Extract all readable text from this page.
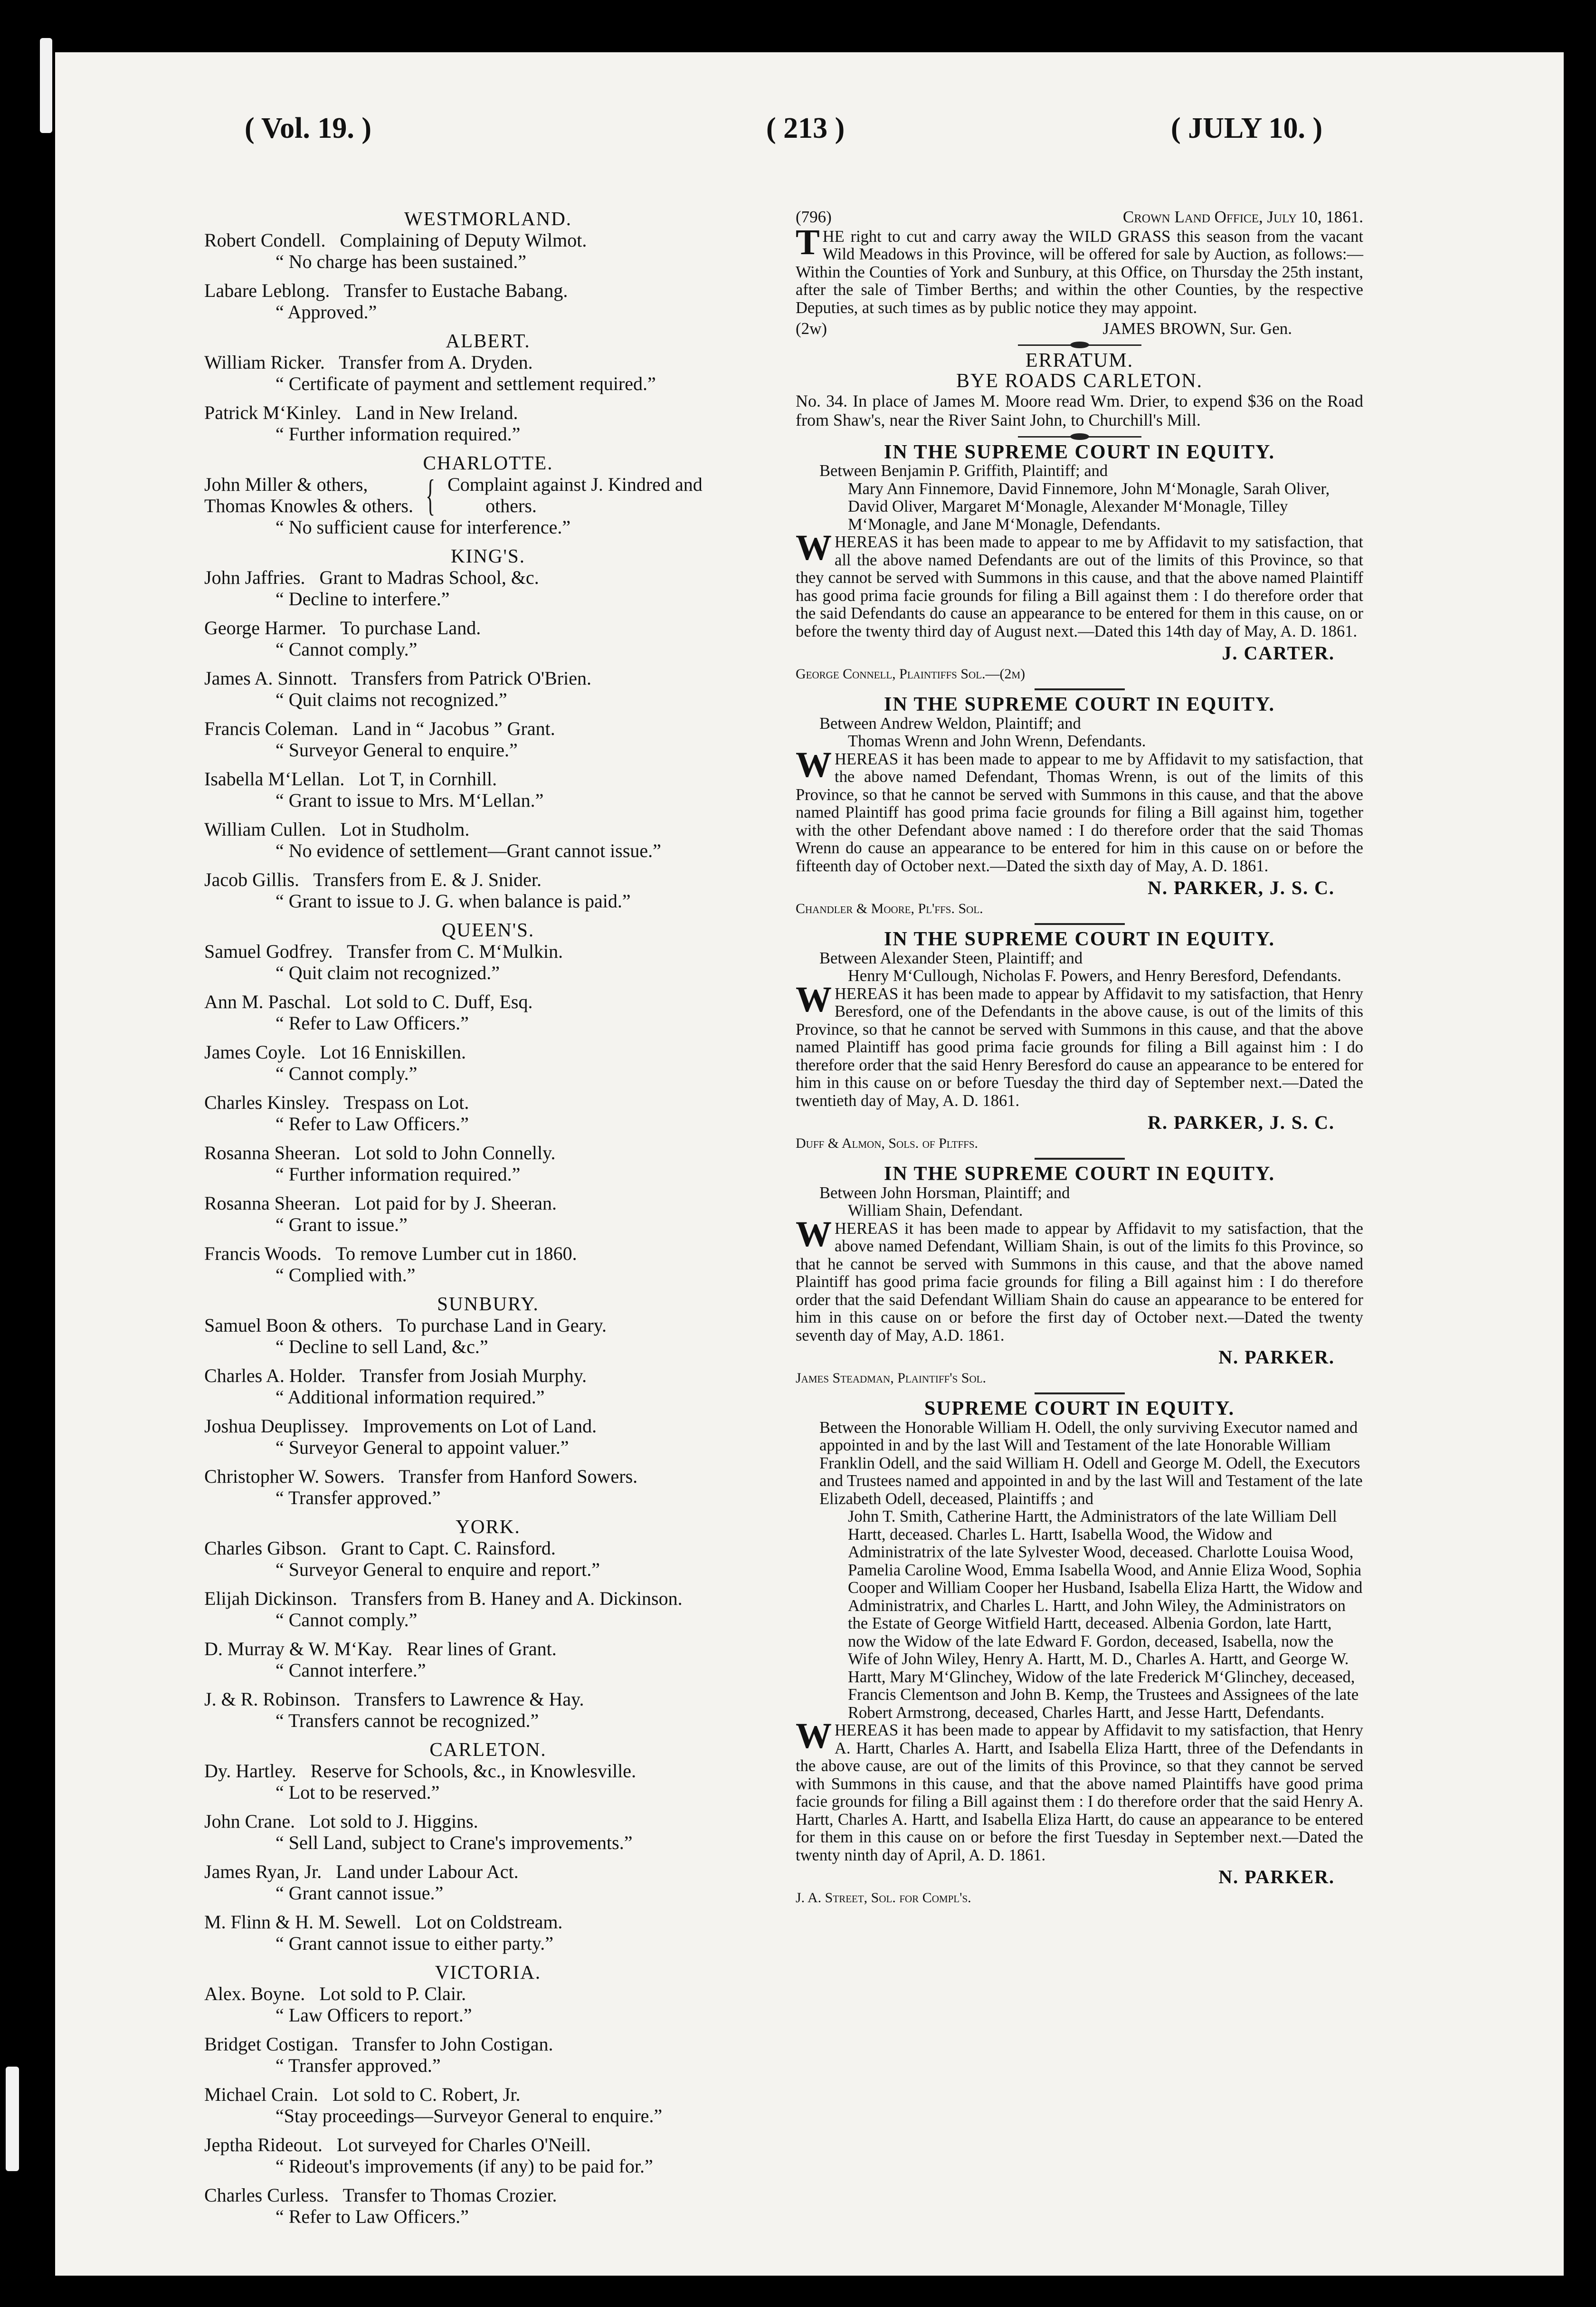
( Vol. 19. )	( 213 )	( JULY 10. )
WESTMORLAND.
Robert Condell.   Complaining of Deputy Wilmot.
“ No charge has been sustained.”
Labare Leblong.   Transfer to Eustache Babang.
“ Approved.”
ALBERT.
William Ricker.   Transfer from A. Dryden.
“ Certificate of payment and settlement required.”
Patrick M‘Kinley.   Land in New Ireland.
“ Further information required.”
CHARLOTTE.
John Miller & others,
Thomas Knowles & others. { Complaint against J. Kindred and
others.
“ No sufficient cause for interference.”
KING'S.
John Jaffries.   Grant to Madras School, &c.
“ Decline to interfere.”
George Harmer.   To purchase Land.
“ Cannot comply.”
James A. Sinnott.   Transfers from Patrick O'Brien.
“ Quit claims not recognized.”
Francis Coleman.   Land in “ Jacobus ” Grant.
“ Surveyor General to enquire.”
Isabella M‘Lellan.   Lot T, in Cornhill.
“ Grant to issue to Mrs. M‘Lellan.”
William Cullen.   Lot in Studholm.
“ No evidence of settlement—Grant cannot issue.”
Jacob Gillis.   Transfers from E. & J. Snider.
“ Grant to issue to J. G. when balance is paid.”
QUEEN'S.
Samuel Godfrey.   Transfer from C. M‘Mulkin.
“ Quit claim not recognized.”
Ann M. Paschal.   Lot sold to C. Duff, Esq.
“ Refer to Law Officers.”
James Coyle.   Lot 16 Enniskillen.
“ Cannot comply.”
Charles Kinsley.   Trespass on Lot.
“ Refer to Law Officers.”
Rosanna Sheeran.   Lot sold to John Connelly.
“ Further information required.”
Rosanna Sheeran.   Lot paid for by J. Sheeran.
“ Grant to issue.”
Francis Woods.   To remove Lumber cut in 1860.
“ Complied with.”
SUNBURY.
Samuel Boon & others.   To purchase Land in Geary.
“ Decline to sell Land, &c.”
Charles A. Holder.   Transfer from Josiah Murphy.
“ Additional information required.”
Joshua Deuplissey.   Improvements on Lot of Land.
“ Surveyor General to appoint valuer.”
Christopher W. Sowers.   Transfer from Hanford Sowers.
“ Transfer approved.”
YORK.
Charles Gibson.   Grant to Capt. C. Rainsford.
“ Surveyor General to enquire and report.”
Elijah Dickinson.   Transfers from B. Haney and A. Dickinson.
“ Cannot comply.”
D. Murray & W. M‘Kay.   Rear lines of Grant.
“ Cannot interfere.”
J. & R. Robinson.   Transfers to Lawrence & Hay.
“ Transfers cannot be recognized.”
CARLETON.
Dy. Hartley.   Reserve for Schools, &c., in Knowlesville.
“ Lot to be reserved.”
John Crane.   Lot sold to J. Higgins.
“ Sell Land, subject to Crane's improvements.”
James Ryan, Jr.   Land under Labour Act.
“ Grant cannot issue.”
M. Flinn & H. M. Sewell.   Lot on Coldstream.
“ Grant cannot issue to either party.”
VICTORIA.
Alex. Boyne.   Lot sold to P. Clair.
“ Law Officers to report.”
Bridget Costigan.   Transfer to John Costigan.
“ Transfer approved.”
Michael Crain.   Lot sold to C. Robert, Jr.
“Stay proceedings—Surveyor General to enquire.”
Jeptha Rideout.   Lot surveyed for Charles O'Neill.
“ Rideout's improvements (if any) to be paid for.”
Charles Curless.   Transfer to Thomas Crozier.
“ Refer to Law Officers.”
(796)	Crown Land Office, July 10, 1861.
T HE right to cut and carry away the WILD GRASS this season from the vacant Wild Meadows in this Province, will be offered for sale by Auction, as follows:— Within the Counties of York and Sunbury, at this Office, on Thursday the 25th instant, after the sale of Timber Berths; and within the other Counties, by the respective Deputies, at such times as by public notice they may appoint.

(2w)	JAMES BROWN, Sur. Gen.
ERRATUM.
BYE ROADS CARLETON.

No. 34. In place of James M. Moore read Wm. Drier, to expend $36 on the Road from Shaw's, near the River Saint John, to Churchill's Mill.

IN THE SUPREME COURT IN EQUITY.
Between Benjamin P. Griffith, Plaintiff; and
Mary Ann Finnemore, David Finnemore, John M‘Monagle, Sarah Oliver, David Oliver, Margaret M‘Monagle, Alexander M‘Monagle, Tilley M‘Monagle, and Jane M‘Monagle, Defendants.
W HEREAS it has been made to appear to me by Affidavit to my satisfaction, that all the above named Defendants are out of the limits of this Province, so that they cannot be served with Summons in this cause, and that the above named Plaintiff has good prima facie grounds for filing a Bill against them : I do therefore order that the said Defendants do cause an appearance to be entered for them in this cause, on or before the twenty third day of August next.—Dated this 14th day of May, A. D. 1861.

J. CARTER.
George Connell, Plaintiffs Sol.—(2m)
IN THE SUPREME COURT IN EQUITY.
Between Andrew Weldon, Plaintiff; and
Thomas Wrenn and John Wrenn, Defendants.
W HEREAS it has been made to appear to me by Affidavit to my satisfaction, that the above named Defendant, Thomas Wrenn, is out of the limits of this Province, so that he cannot be served with Summons in this cause, and that the above named Plaintiff has good prima facie grounds for filing a Bill against him, together with the other Defendant above named : I do therefore order that the said Thomas Wrenn do cause an appearance to be entered for him in this cause on or before the fifteenth day of October next.—Dated the sixth day of May, A. D. 1861.

N. PARKER, J. S. C.
Chandler & Moore, Pl'ffs. Sol.
IN THE SUPREME COURT IN EQUITY.
Between Alexander Steen, Plaintiff; and
Henry M‘Cullough, Nicholas F. Powers, and Henry Beresford, Defendants.
W HEREAS it has been made to appear by Affidavit to my satisfaction, that Henry Beresford, one of the Defendants in the above cause, is out of the limits of this Province, so that he cannot be served with Summons in this cause, and that the above named Plaintiff has good prima facie grounds for filing a Bill against him : I do therefore order that the said Henry Beresford do cause an appearance to be entered for him in this cause on or before Tuesday the third day of September next.—Dated the twentieth day of May, A. D. 1861.

R. PARKER, J. S. C.
Duff & Almon, Sols. of Pltffs.
IN THE SUPREME COURT IN EQUITY.
Between John Horsman, Plaintiff; and
William Shain, Defendant.
W HEREAS it has been made to appear by Affidavit to my satisfaction, that the above named Defendant, William Shain, is out of the limits fo this Province, so that he cannot be served with Summons in this cause, and that the above named Plaintiff has good prima facie grounds for filing a Bill against him : I do therefore order that the said Defendant William Shain do cause an appearance to be entered for him in this cause on or before the first day of October next.—Dated the twenty seventh day of May, A.D. 1861.

N. PARKER.
James Steadman, Plaintiff's Sol.
SUPREME COURT IN EQUITY.
Between the Honorable William H. Odell, the only surviving Executor named and appointed in and by the last Will and Testament of the late Honorable William Franklin Odell, and the said William H. Odell and George M. Odell, the Executors and Trustees named and appointed in and by the last Will and Testament of the late Elizabeth Odell, deceased, Plaintiffs ; and
John T. Smith, Catherine Hartt, the Administrators of the late William Dell Hartt, deceased. Charles L. Hartt, Isabella Wood, the Widow and Administratrix of the late Sylvester Wood, deceased. Charlotte Louisa Wood, Pamelia Caroline Wood, Emma Isabella Wood, and Annie Eliza Wood, Sophia Cooper and William Cooper her Husband, Isabella Eliza Hartt, the Widow and Administratrix, and Charles L. Hartt, and John Wiley, the Administrators on the Estate of George Witfield Hartt, deceased. Albenia Gordon, late Hartt, now the Widow of the late Edward F. Gordon, deceased, Isabella, now the Wife of John Wiley, Henry A. Hartt, M. D., Charles A. Hartt, and George W. Hartt, Mary M‘Glinchey, Widow of the late Frederick M‘Glinchey, deceased, Francis Clementson and John B. Kemp, the Trustees and Assignees of the late Robert Armstrong, deceased, Charles Hartt, and Jesse Hartt, Defendants.
W HEREAS it has been made to appear by Affidavit to my satisfaction, that Henry A. Hartt, Charles A. Hartt, and Isabella Eliza Hartt, three of the Defendants in the above cause, are out of the limits of this Province, so that they cannot be served with Summons in this cause, and that the above named Plaintiffs have good prima facie grounds for filing a Bill against them : I do therefore order that the said Henry A. Hartt, Charles A. Hartt, and Isabella Eliza Hartt, do cause an appearance to be entered for them in this cause on or before the first Tuesday in September next.—Dated the twenty ninth day of April, A. D. 1861.

N. PARKER.
J. A. Street, Sol. for Compl's.
